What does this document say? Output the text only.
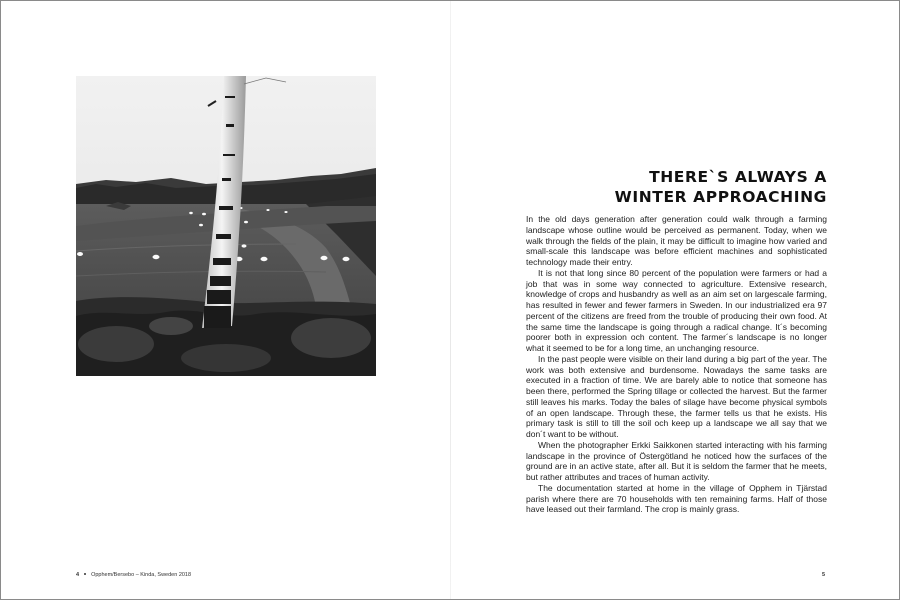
THERE`S ALWAYS A
WINTER APPROACHING

In the old days generation after generation could walk through a farming landscape whose outline would be perceived as permanent. Today, when we walk through the fields of the plain, it may be difficult to imagine how varied and small-scale this landscape was before efficient machines and sophisticated technology made their entry.

It is not that long since 80 percent of the population were farmers or had a job that was in some way connected to agriculture. Extensive research, knowledge of crops and husbandry as well as an aim set on largescale farming, has resulted in fewer and fewer farmers in Sweden. In our industrialized era 97 percent of the citizens are freed from the trouble of producing their own food. At the same time the landscape is going through a radical change. It´s becoming poorer both in expression och content. The farmer´s landscape is no longer what it seemed to be for a long time, an unchanging resource.

In the past people were visible on their land during a big part of the year. The work was both extensive and burdensome. Nowadays the same tasks are executed in a fraction of time. We are barely able to notice that someone has been there, performed the Spring tillage or collected the harvest. But the farmer still leaves his marks. Today the bales of silage have become physical symbols of an open landscape. Through these, the farmer tells us that he exists. His primary task is still to till the soil och keep up a landscape we all say that we don´t want to be without.

When the photographer Erkki Saikkonen started interacting with his farming landscape in the province of Östergötland he noticed how the surfaces of the ground are in an active state, after all. But it is seldom the farmer that he meets, but rather attributes and traces of human activity.

The documentation started at home in the village of Opphem in Tjärstad parish where there are 70 households with ten remaining farms. Half of those have leased out their farmland. The crop is mainly grass.

4 Opphem/Bersebo – Kinda, Sweden 2018	5
